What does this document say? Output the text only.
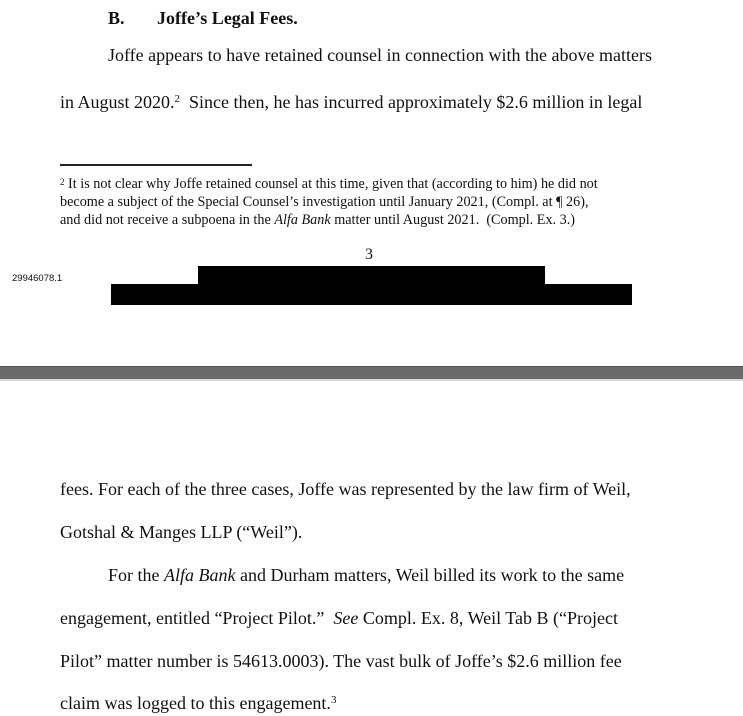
B. Joffe’s Legal Fees.
Joffe appears to have retained counsel in connection with the above matters
in August 2020.$^2$  Since then, he has incurred approximately $2.6 million in legal
$^2$ It is not clear why Joffe retained counsel at this time, given that (according to him) he did not
become a subject of the Special Counsel’s investigation until January 2021, (Compl. at ¶ 26),
and did not receive a subpoena in the Alfa Bank matter until August 2021.  (Compl. Ex. 3.)
3
29946078.1
fees. For each of the three cases, Joffe was represented by the law firm of Weil,
Gotshal & Manges LLP (“Weil”).
For the Alfa Bank and Durham matters, Weil billed its work to the same
engagement, entitled “Project Pilot.”  See Compl. Ex. 8, Weil Tab B (“Project
Pilot” matter number is 54613.0003). The vast bulk of Joffe’s $2.6 million fee
claim was logged to this engagement.$^3$
